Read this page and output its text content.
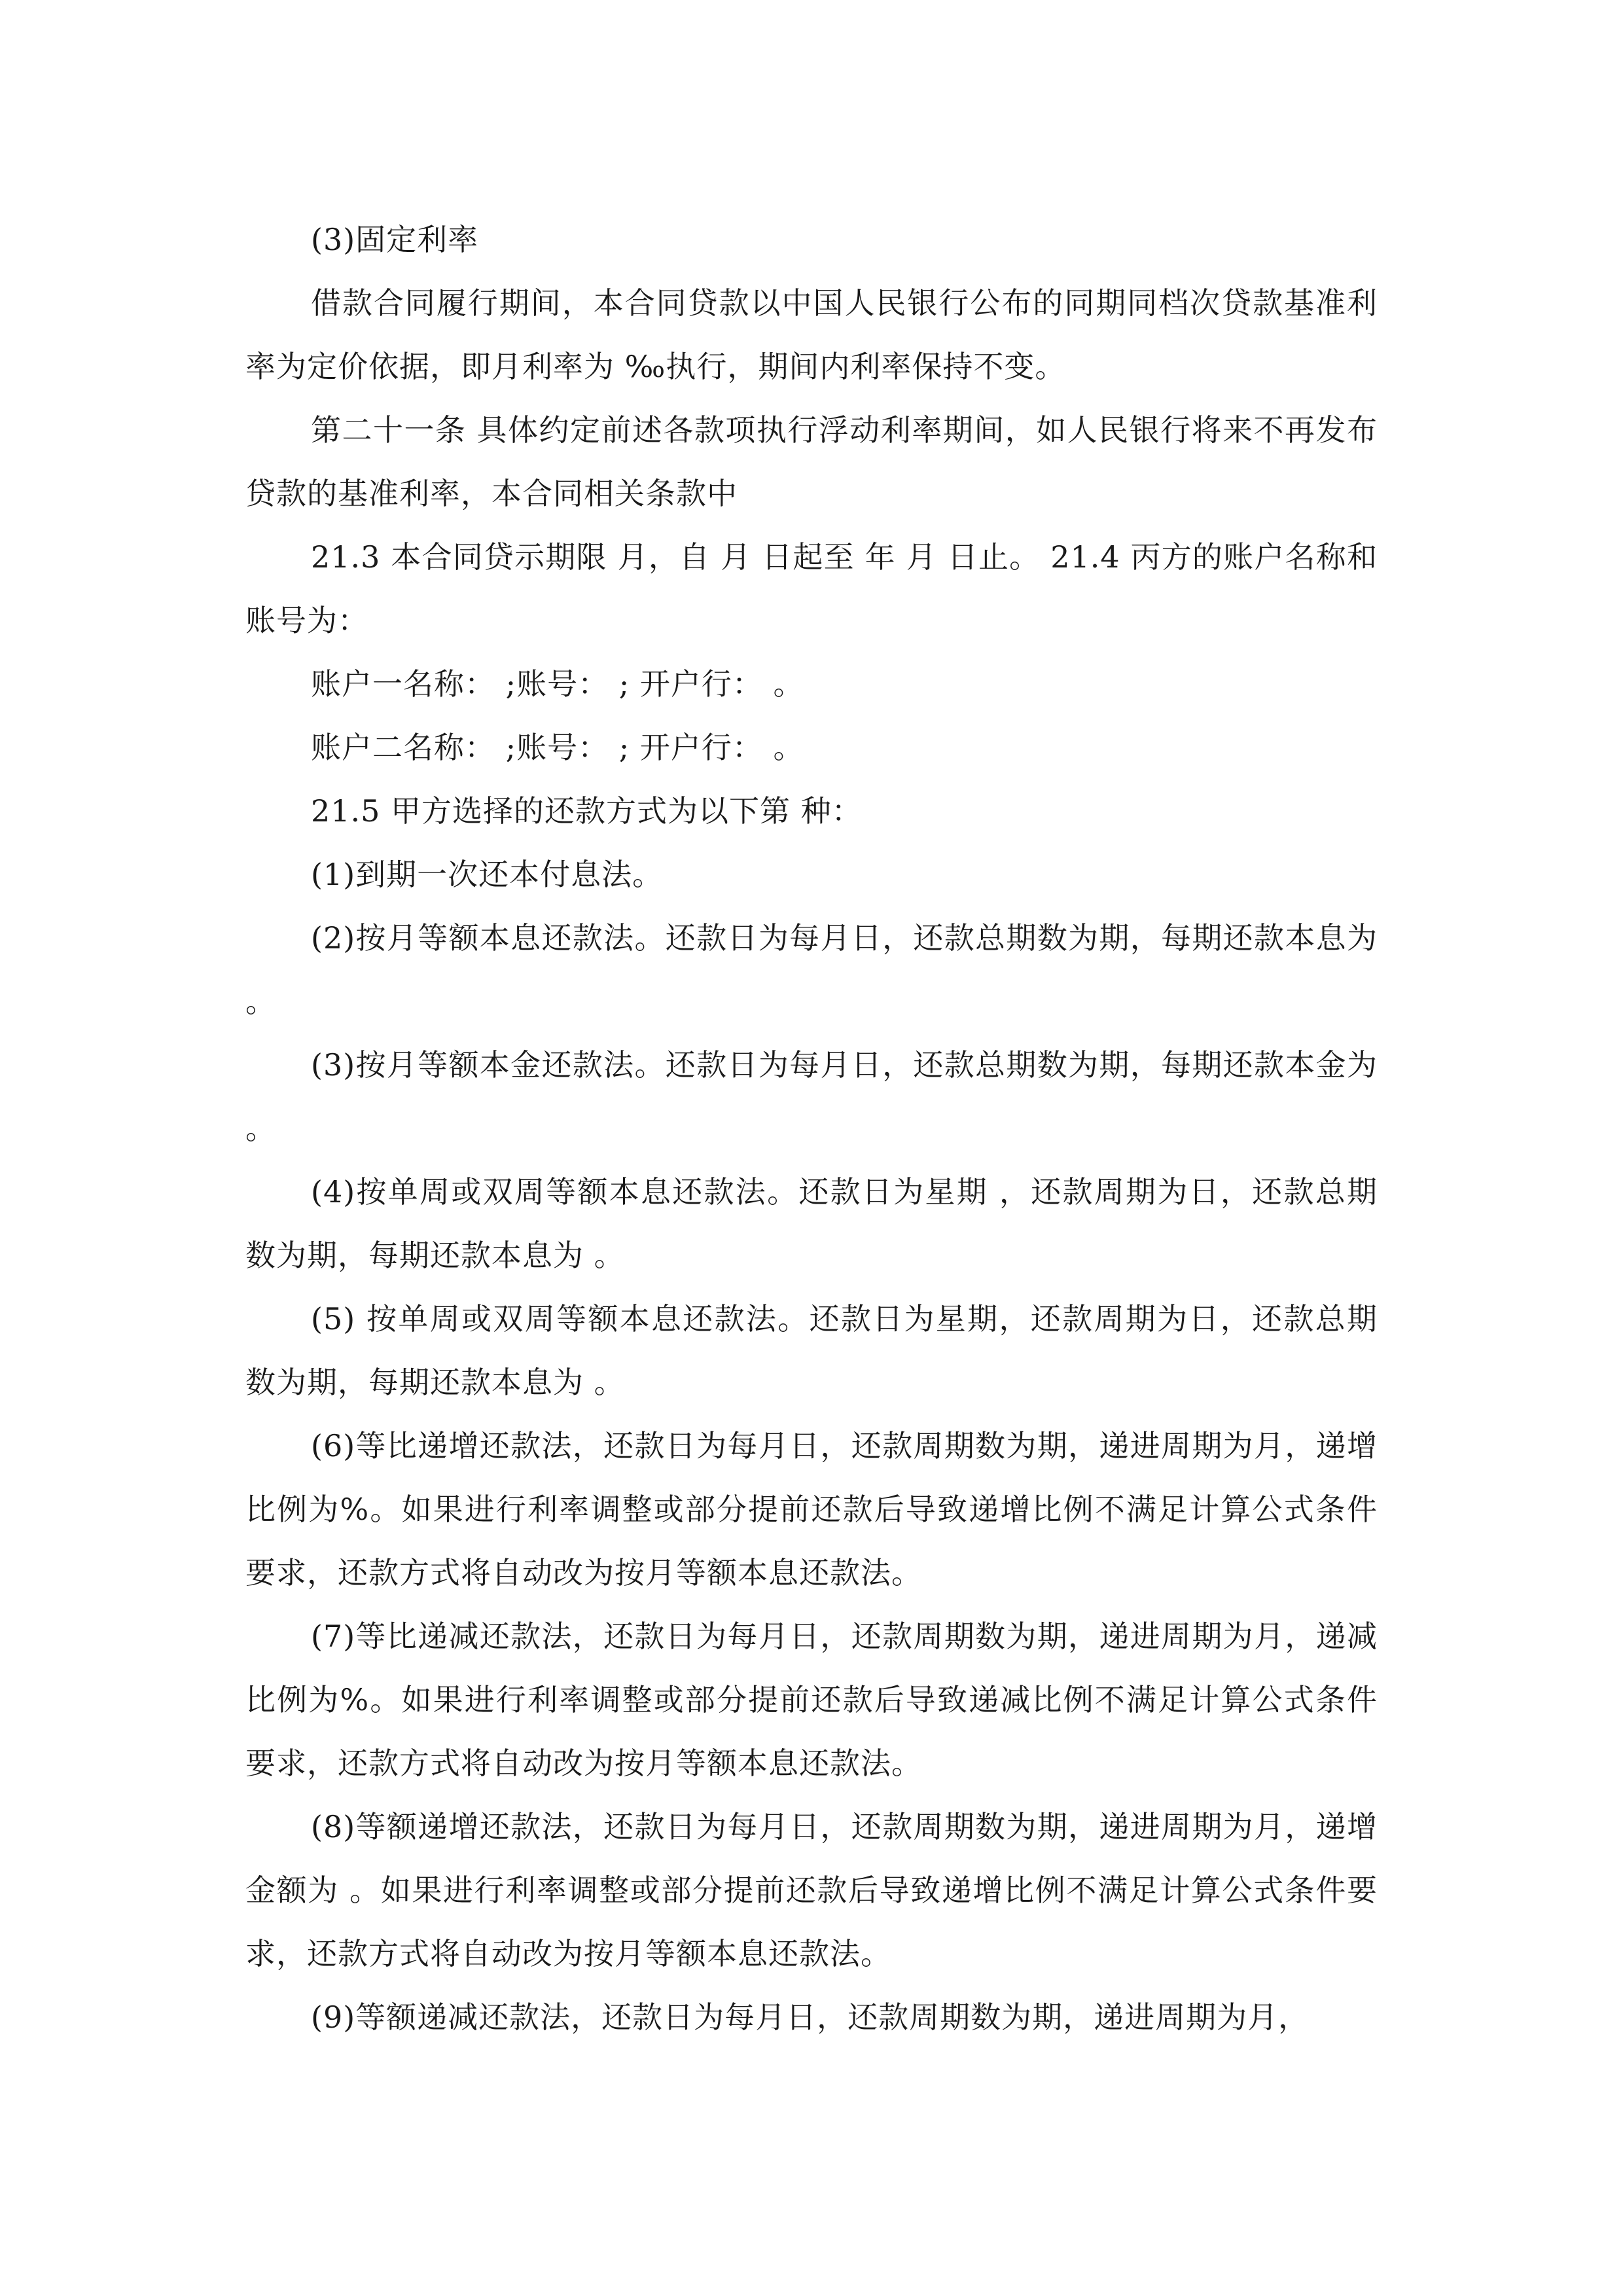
(3)固定利率

借款合同履行期间，本合同贷款以中国人民银行公布的同期同档次贷款基准利率为定价依据，即月利率为 ‰执行，期间内利率保持不变。

第二十一条 具体约定前述各款项执行浮动利率期间，如人民银行将来不再发布贷款的基准利率，本合同相关条款中

21.3 本合同贷示期限 月，自 月 日起至 年 月 日止。 21.4 丙方的账户名称和账号为：

账户一名称： ;账号： ; 开户行： 。

账户二名称： ;账号： ; 开户行： 。

21.5 甲方选择的还款方式为以下第 种：

(1)到期一次还本付息法。

(2)按月等额本息还款法。还款日为每月日，还款总期数为期，每期还款本息为 。

(3)按月等额本金还款法。还款日为每月日，还款总期数为期，每期还款本金为 。

(4)按单周或双周等额本息还款法。还款日为星期 ，还款周期为日，还款总期数为期，每期还款本息为 。

(5) 按单周或双周等额本息还款法。还款日为星期，还款周期为日，还款总期数为期，每期还款本息为 。

(6)等比递增还款法，还款日为每月日，还款周期数为期，递进周期为月，递增比例为%。如果进行利率调整或部分提前还款后导致递增比例不满足计算公式条件要求，还款方式将自动改为按月等额本息还款法。

(7)等比递减还款法，还款日为每月日，还款周期数为期，递进周期为月，递减比例为%。如果进行利率调整或部分提前还款后导致递减比例不满足计算公式条件要求，还款方式将自动改为按月等额本息还款法。

(8)等额递增还款法，还款日为每月日，还款周期数为期，递进周期为月，递增金额为 。如果进行利率调整或部分提前还款后导致递增比例不满足计算公式条件要求，还款方式将自动改为按月等额本息还款法。

(9)等额递减还款法，还款日为每月日，还款周期数为期，递进周期为月，
